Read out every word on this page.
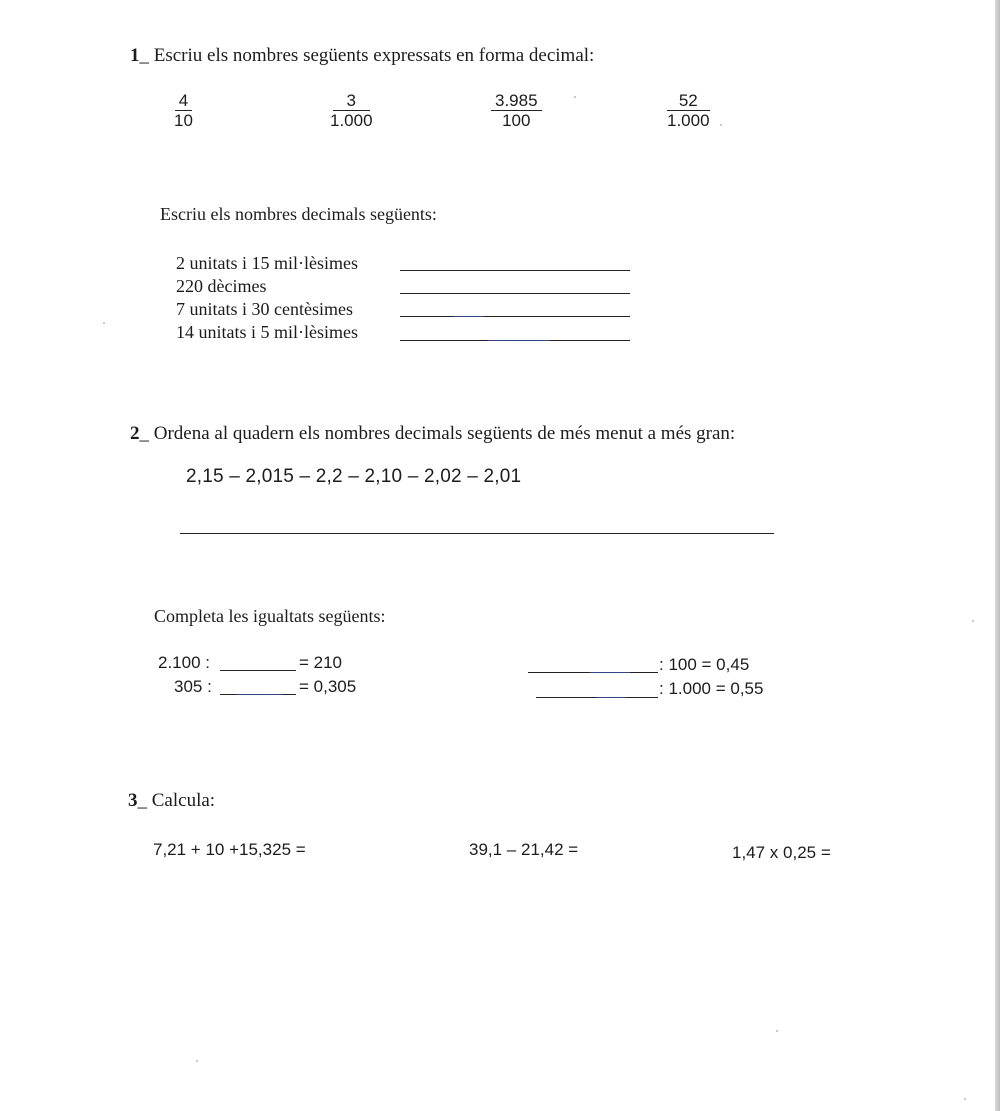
1_ Escriu els nombres següents expressats en forma decimal:
$\frac{4}{10}$	$\frac{3}{1.000}$	$\frac{3.985}{100}$	$\frac{52}{1.000}$
Escriu els nombres decimals següents:
2 unitats i 15 mil·lèsimes
220 dècimes
7 unitats i 30 centèsimes
14 unitats i 5 mil·lèsimes
2_ Ordena al quadern els nombres decimals següents de més menut a més gran:
2,15 – 2,015 – 2,2 – 2,10 – 2,02 – 2,01
Completa les igualtats següents:
2.100 :	= 210
305 :	= 0,305
: 100 = 0,45
: 1.000 = 0,55
3_ Calcula:
7,21 + 10 +15,325 =	39,1 – 21,42 =	1,47 x 0,25 =
